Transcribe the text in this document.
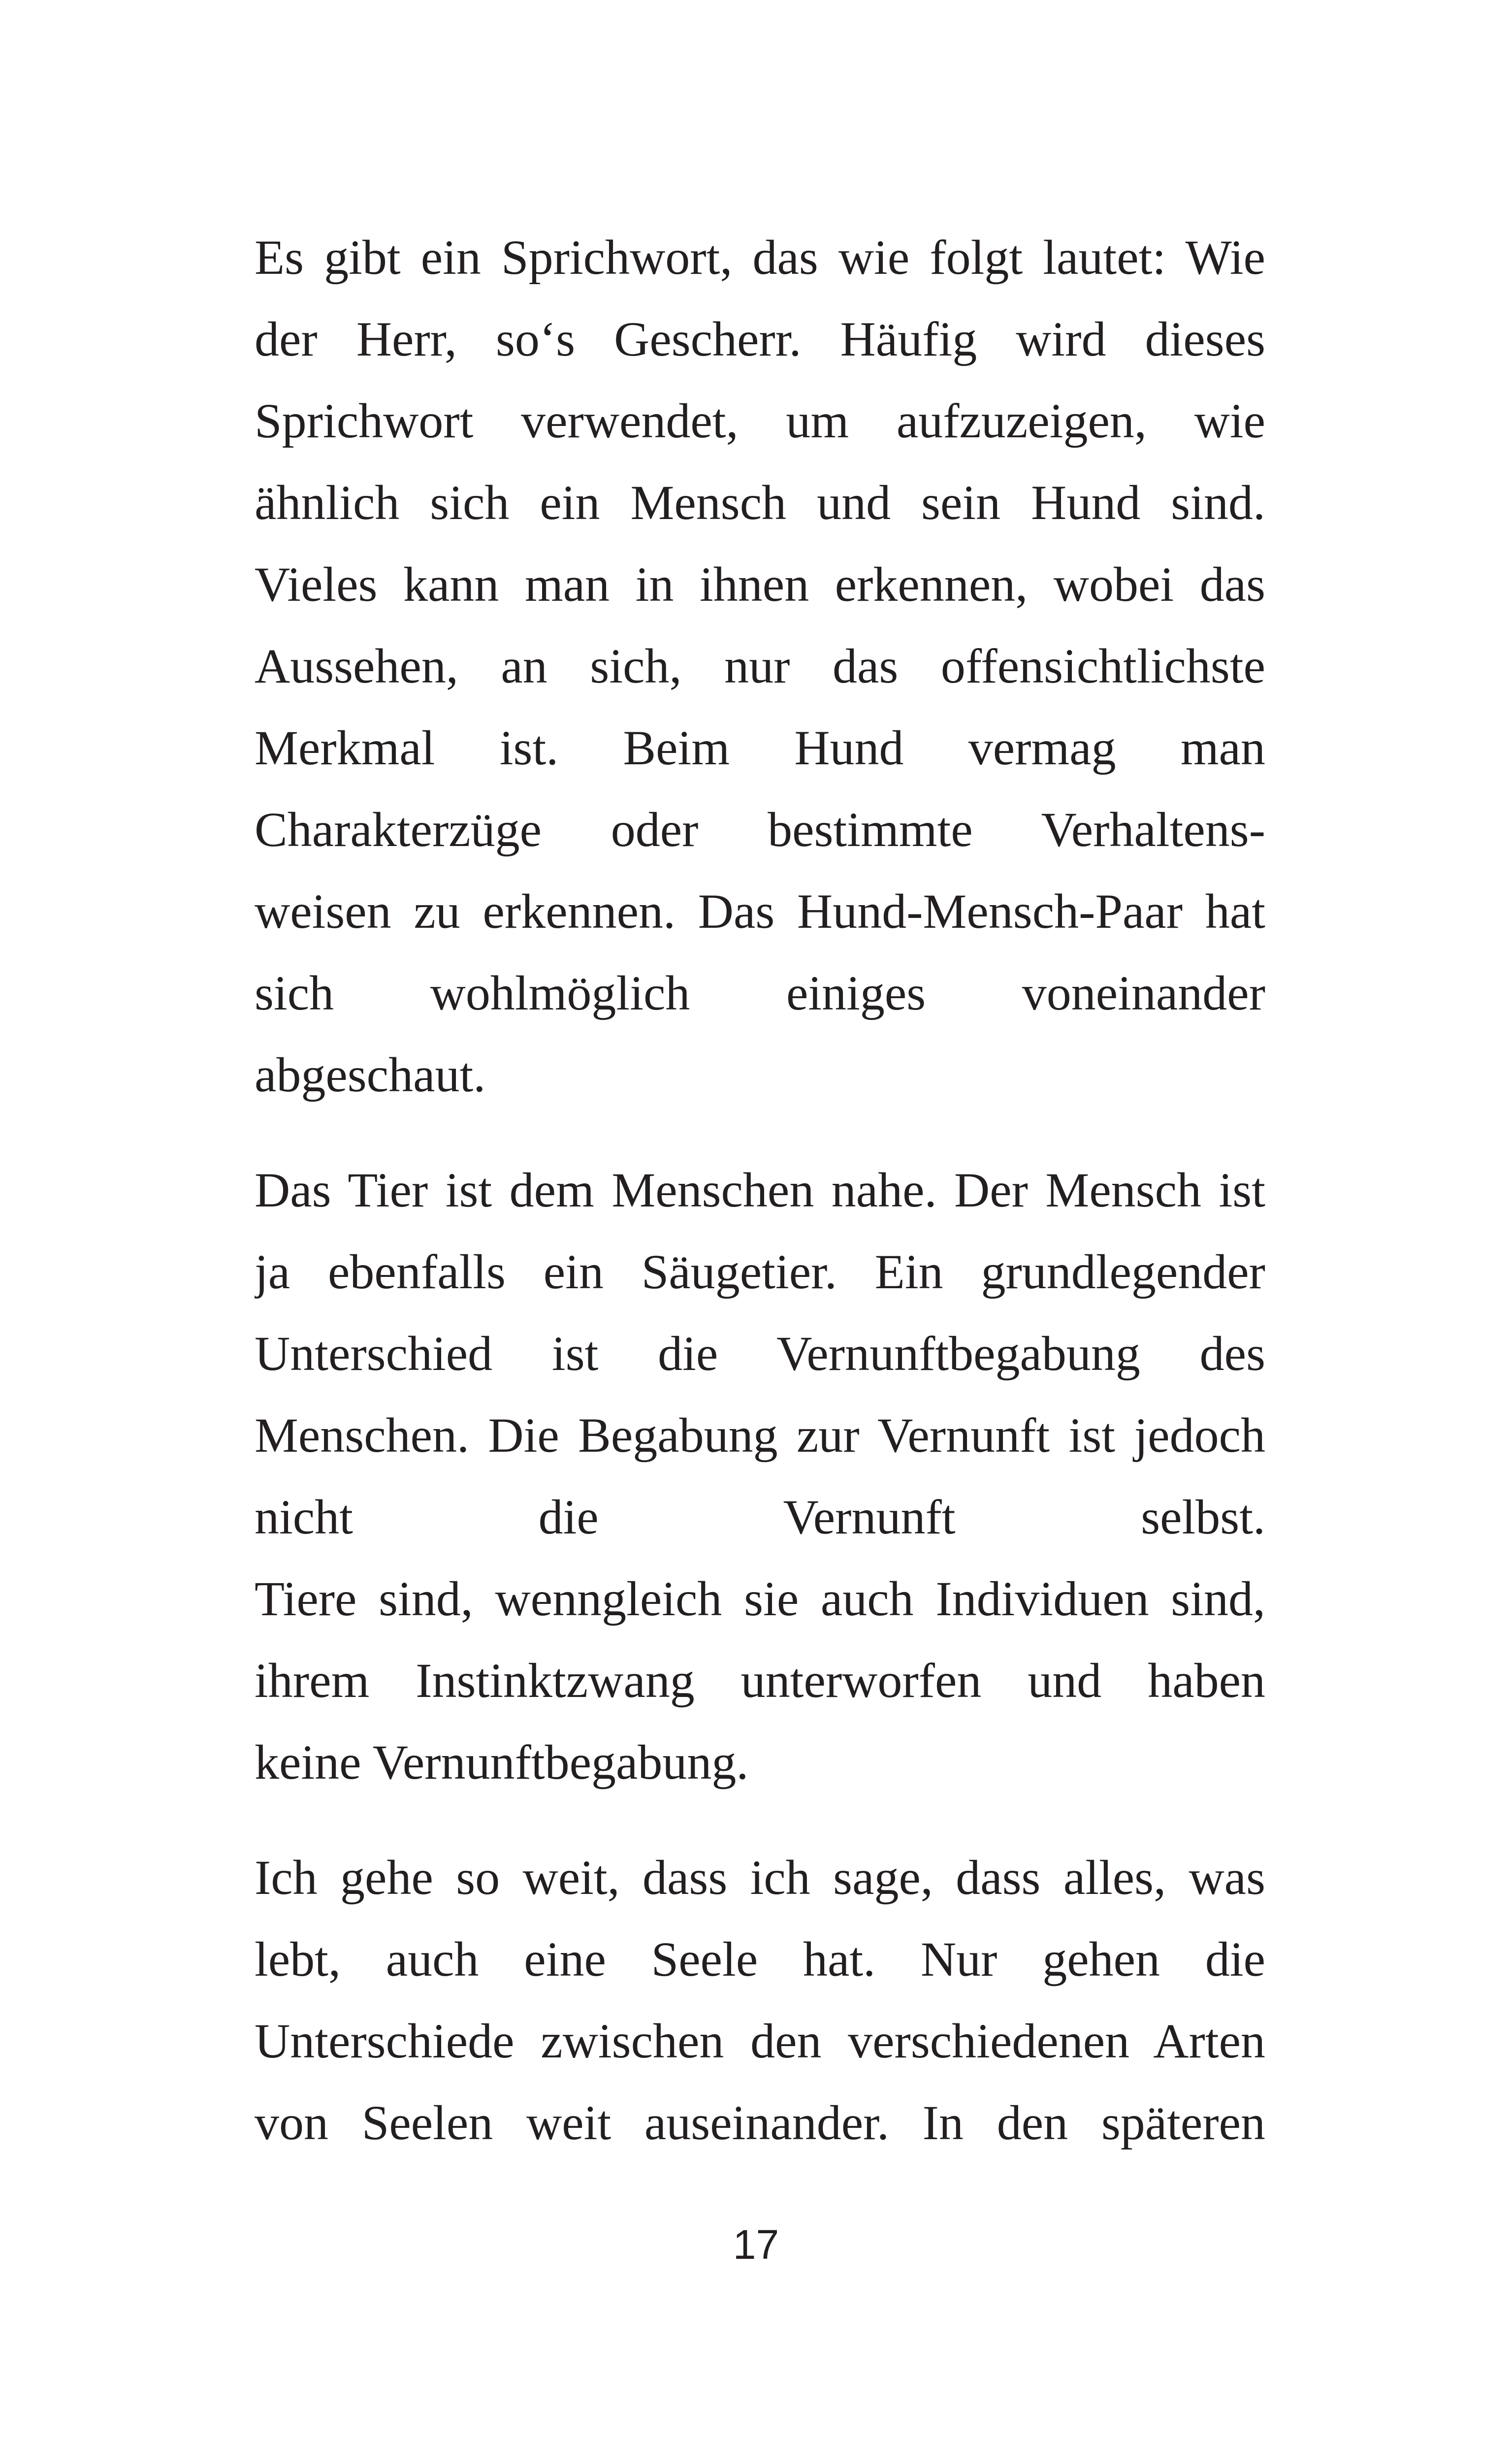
Es gibt ein Sprichwort, das wie folgt lautet: Wie
der Herr, so‘s Gescherr. Häufig wird dieses
Sprichwort verwendet, um aufzuzeigen, wie
ähnlich sich ein Mensch und sein Hund sind.
Vieles kann man in ihnen erkennen, wobei das
Aussehen, an sich, nur das offensichtlichste
Merkmal ist. Beim Hund vermag man
Charakterzüge oder bestimmte Verhaltens-
weisen zu erkennen. Das Hund-Mensch-Paar hat
sich wohlmöglich einiges voneinander
abgeschaut.
Das Tier ist dem Menschen nahe. Der Mensch ist
ja ebenfalls ein Säugetier. Ein grundlegender
Unterschied ist die Vernunftbegabung des
Menschen. Die Begabung zur Vernunft ist jedoch
nicht die Vernunft selbst.
Tiere sind, wenngleich sie auch Individuen sind,
ihrem Instinktzwang unterworfen und haben
keine Vernunftbegabung.
Ich gehe so weit, dass ich sage, dass alles, was
lebt, auch eine Seele hat. Nur gehen die
Unterschiede zwischen den verschiedenen Arten
von Seelen weit auseinander. In den späteren
17
